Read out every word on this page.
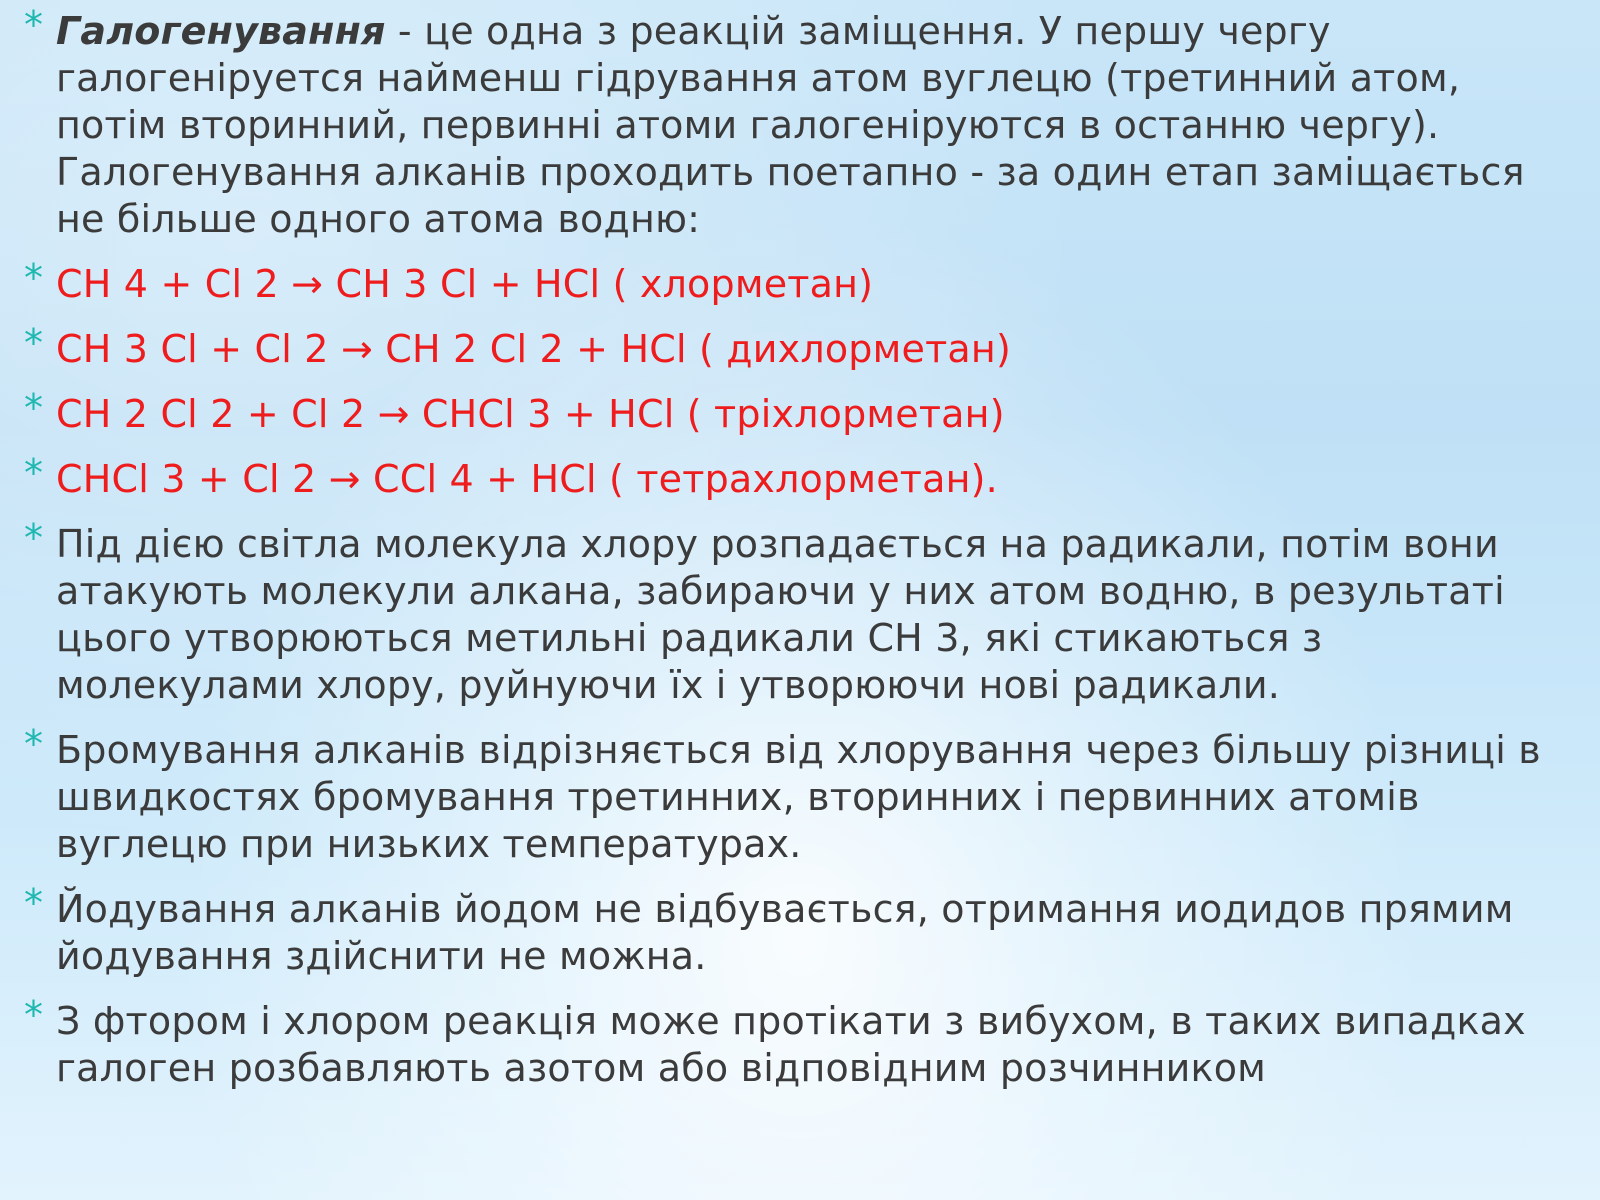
* Галогенування - це одна з реакцій заміщення. У першу чергу галогеніруется найменш гідрування атом вуглецю (третинний атом, потім вторинний, первинні атоми галогеніруются в останню чергу). Галогенування алканів проходить поетапно - за один етап заміщається не більше одного атома водню:
* CH 4 + Cl 2 → CH 3 Cl + HCl ( хлорметан)
* CH 3 Cl + Cl 2 → CH 2 Cl 2 + HCl ( дихлорметан)
* CH 2 Cl 2 + Cl 2 → CHCl 3 + HCl ( тріхлорметан)
* CHCl 3 + Cl 2 → CCl 4 + HCl ( тетрахлорметан).
* Під дією світла молекула хлору розпадається на радикали, потім вони атакують молекули алкана, забираючи у них атом водню, в результаті цього утворюються метильні радикали СН 3, які стикаються з молекулами хлору, руйнуючи їх і утворюючи нові радикали.
* Бромування алканів відрізняється від хлорування через більшу різниці в швидкостях бромування третинних, вторинних і первинних атомів вуглецю при низьких температурах.
* Йодування алканів йодом не відбувається, отримання иодидов прямим йодування здійснити не можна.
* З фтором і хлором реакція може протікати з вибухом, в таких випадках галоген розбавляють азотом або відповідним розчинником
